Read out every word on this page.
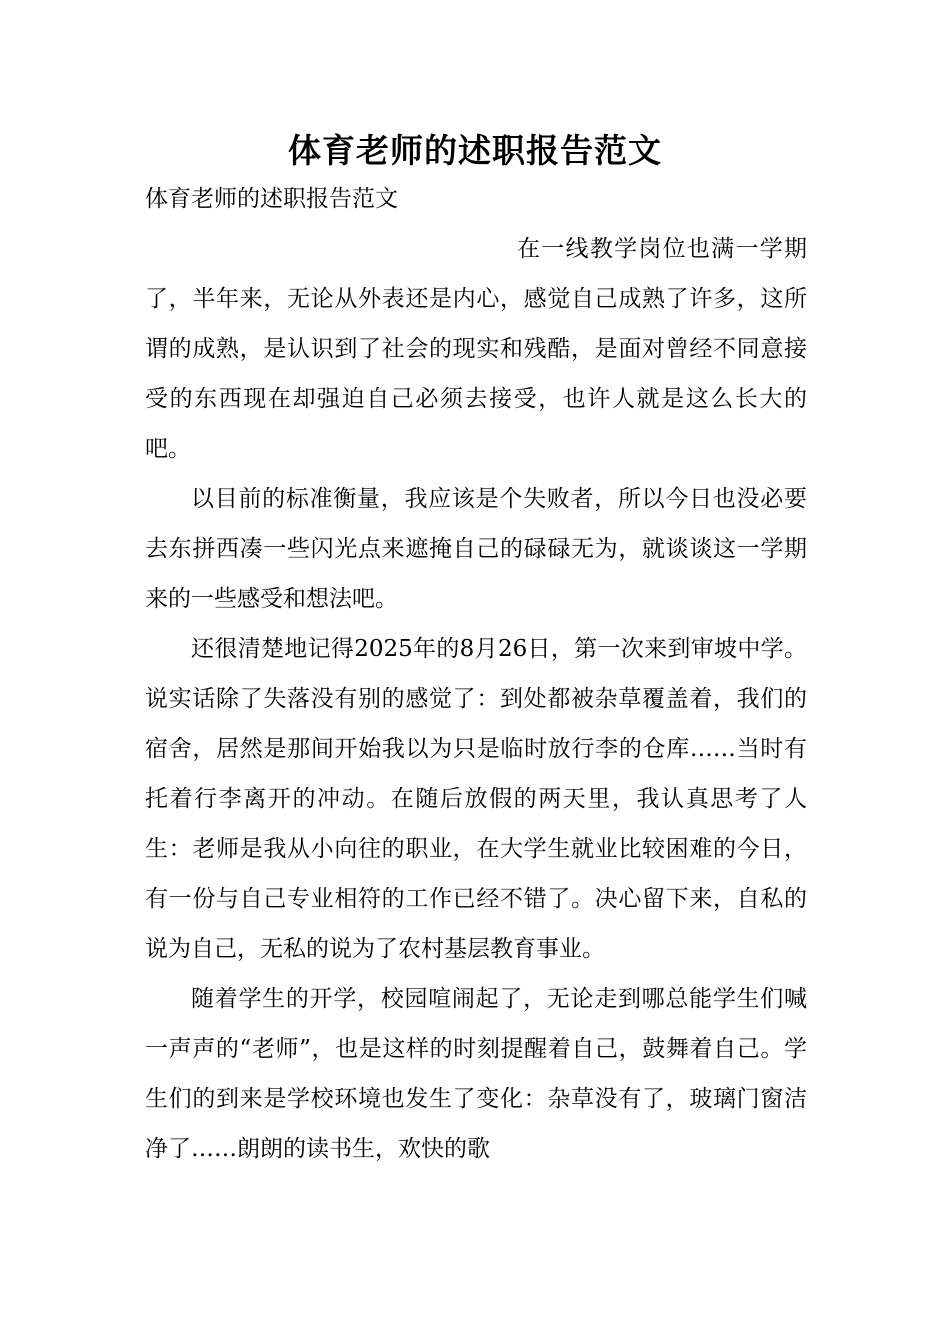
体育老师的述职报告范文
体育老师的述职报告范文

在一线教学岗位也满一学期了，半年来，无论从外表还是内心，感觉自己成熟了许多，这所谓的成熟，是认识到了社会的现实和残酷，是面对曾经不同意接受的东西现在却强迫自己必须去接受，也许人就是这么长大的吧。

以目前的标准衡量，我应该是个失败者，所以今日也没必要去东拼西凑一些闪光点来遮掩自己的碌碌无为，就谈谈这一学期来的一些感受和想法吧。

还很清楚地记得2025年的8月26日，第一次来到审坡中学。说实话除了失落没有别的感觉了：到处都被杂草覆盖着，我们的宿舍，居然是那间开始我以为只是临时放行李的仓库……当时有托着行李离开的冲动。在随后放假的两天里，我认真思考了人生：老师是我从小向往的职业，在大学生就业比较困难的今日，有一份与自己专业相符的工作已经不错了。决心留下来，自私的说为自己，无私的说为了农村基层教育事业。

随着学生的开学，校园喧闹起了，无论走到哪总能学生们喊一声声的“老师”，也是这样的时刻提醒着自己，鼓舞着自己。学生们的到来是学校环境也发生了变化：杂草没有了，玻璃门窗洁净了……朗朗的读书生，欢快的歌
